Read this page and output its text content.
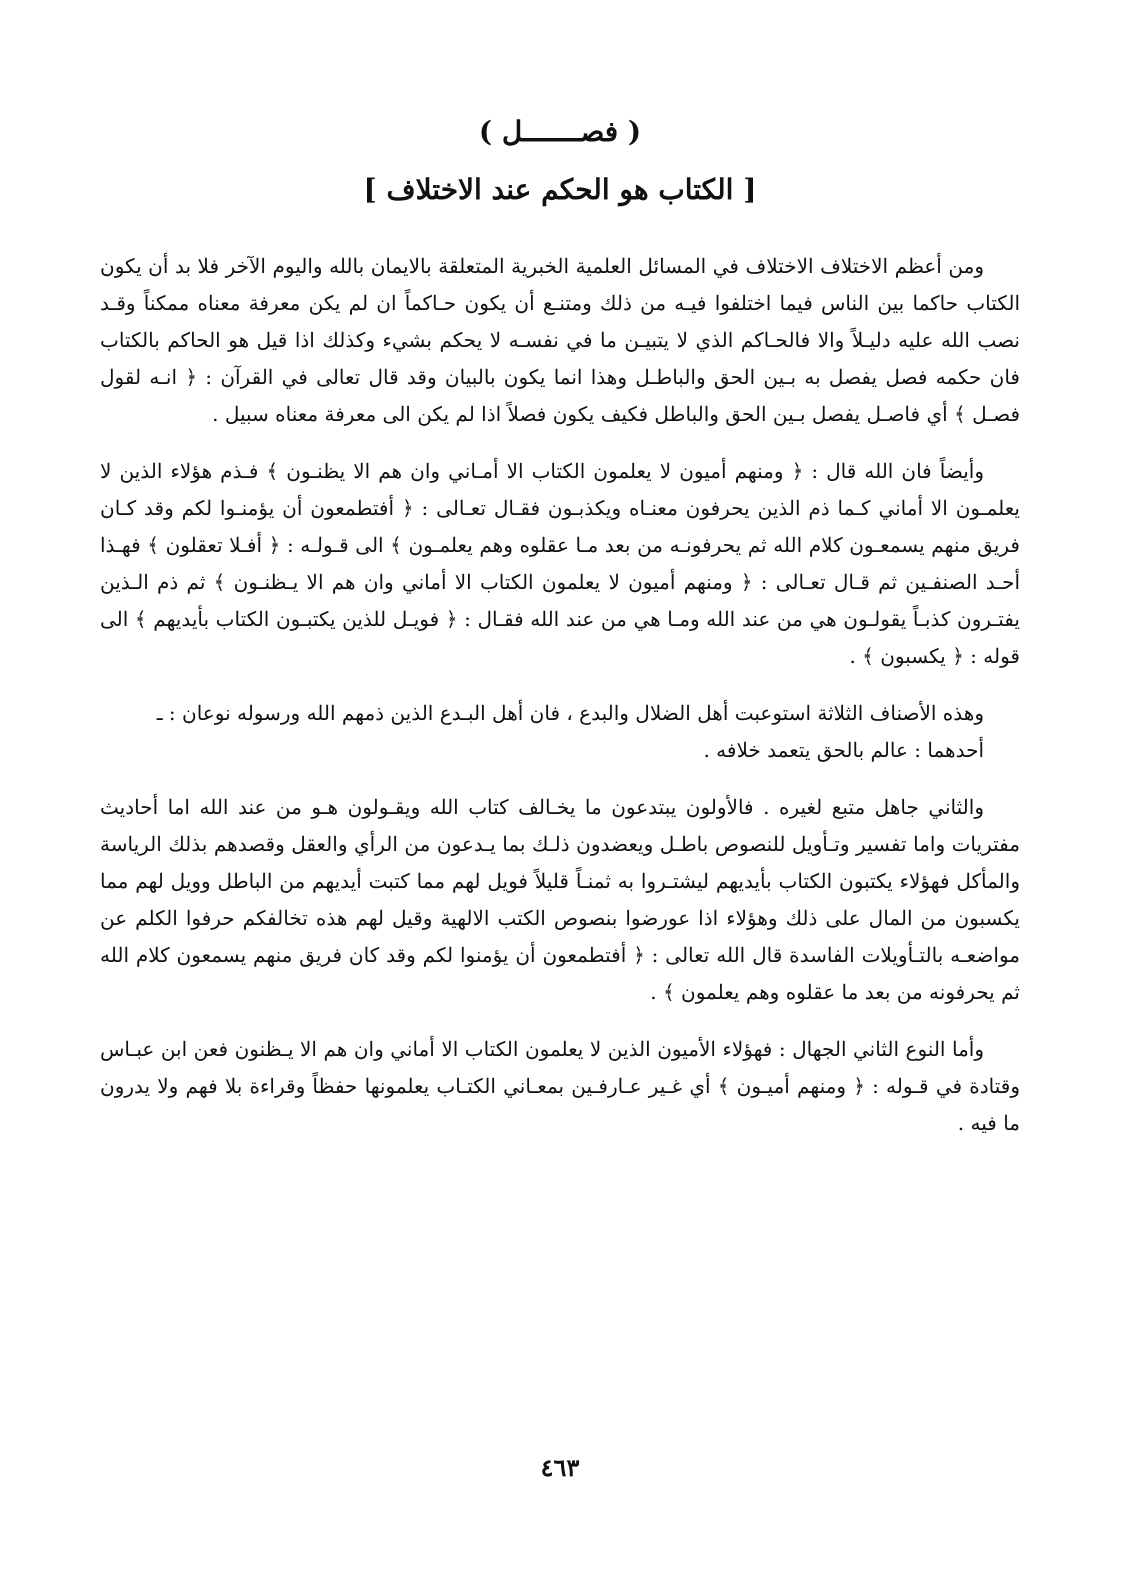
( فصـــــــل )
[ الكتاب هو الحكم عند الاختلاف ]

ومن أعظم الاختلاف الاختلاف في المسائل العلمية الخبرية المتعلقة بالايمان بالله واليوم الآخر فلا بد أن يكون الكتاب حاكما بين الناس فيما اختلفوا فيـه من ذلك ومتنـع أن يكون حـاكماً ان لم يكن معرفة معناه ممكناً وقـد نصب الله عليه دليـلاً والا فالحـاكم الذي لا يتبيـن ما في نفسـه لا يحكم بشيء وكذلك اذا قيل هو الحاكم بالكتاب فان حكمه فصل يفصل به بـين الحق والباطـل وهذا انما يكون بالبيان وقد قال تعالى في القرآن : ﴿ انـه لقول فصـل ﴾ أي فاصـل يفصل بـين الحق والباطل فكيف يكون فصلاً اذا لم يكن الى معرفة معناه سبيل .

وأيضاً فان الله قال : ﴿ ومنهم أميون لا يعلمون الكتاب الا أمـاني وان هم الا يظنـون ﴾ فـذم هؤلاء الذين لا يعلمـون الا أماني كـما ذم الذين يحرفون معنـاه ويكذبـون فقـال تعـالى : ﴿ أفتطمعون أن يؤمنـوا لكم وقد كـان فريق منهم يسمعـون كلام الله ثم يحرفونـه من بعد مـا عقلوه وهم يعلمـون ﴾ الى قـولـه : ﴿ أفـلا تعقلون ﴾ فهـذا أحـد الصنفـين ثم قـال تعـالى : ﴿ ومنهم أميون لا يعلمون الكتاب الا أماني وان هم الا يـظنـون ﴾ ثم ذم الـذين يفتـرون كذبـاً يقولـون هي من عند الله ومـا هي من عند الله فقـال : ﴿ فويـل للذين يكتبـون الكتاب بأيديهم ﴾ الى قوله : ﴿ يكسبون ﴾ .

وهذه الأصناف الثلاثة استوعبت أهل الضلال والبدع ، فان أهل البـدع الذين ذمهم الله ورسوله نوعان : ـ

أحدهما : عالم بالحق يتعمد خلافه .

والثاني جاهل متبع لغيره . فالأولون يبتدعون ما يخـالف كتاب الله ويقـولون هـو من عند الله اما أحاديث مفتريات واما تفسير وتـأويل للنصوص باطـل ويعضدون ذلـك بما يـدعون من الرأي والعقل وقصدهم بذلك الرياسة والمأكل فهؤلاء يكتبون الكتاب بأيديهم ليشتـروا به ثمنـاً قليلاً فويل لهم مما كتبت أيديهم من الباطل وويل لهم مما يكسبون من المال على ذلك وهؤلاء اذا عورضوا بنصوص الكتب الالهية وقيل لهم هذه تخالفكم حرفوا الكلم عن مواضعـه بالتـأويلات الفاسدة قال الله تعالى : ﴿ أفتطمعون أن يؤمنوا لكم وقد كان فريق منهم يسمعون كلام الله ثم يحرفونه من بعد ما عقلوه وهم يعلمون ﴾ .

وأما النوع الثاني الجهال : فهؤلاء الأميون الذين لا يعلمون الكتاب الا أماني وان هم الا يـظنون فعن ابن عبـاس وقتادة في قـوله : ﴿ ومنهم أميـون ﴾ أي غـير عـارفـين بمعـاني الكتـاب يعلمونها حفظاً وقراءة بلا فهم ولا يدرون ما فيه .

٤٦٣
